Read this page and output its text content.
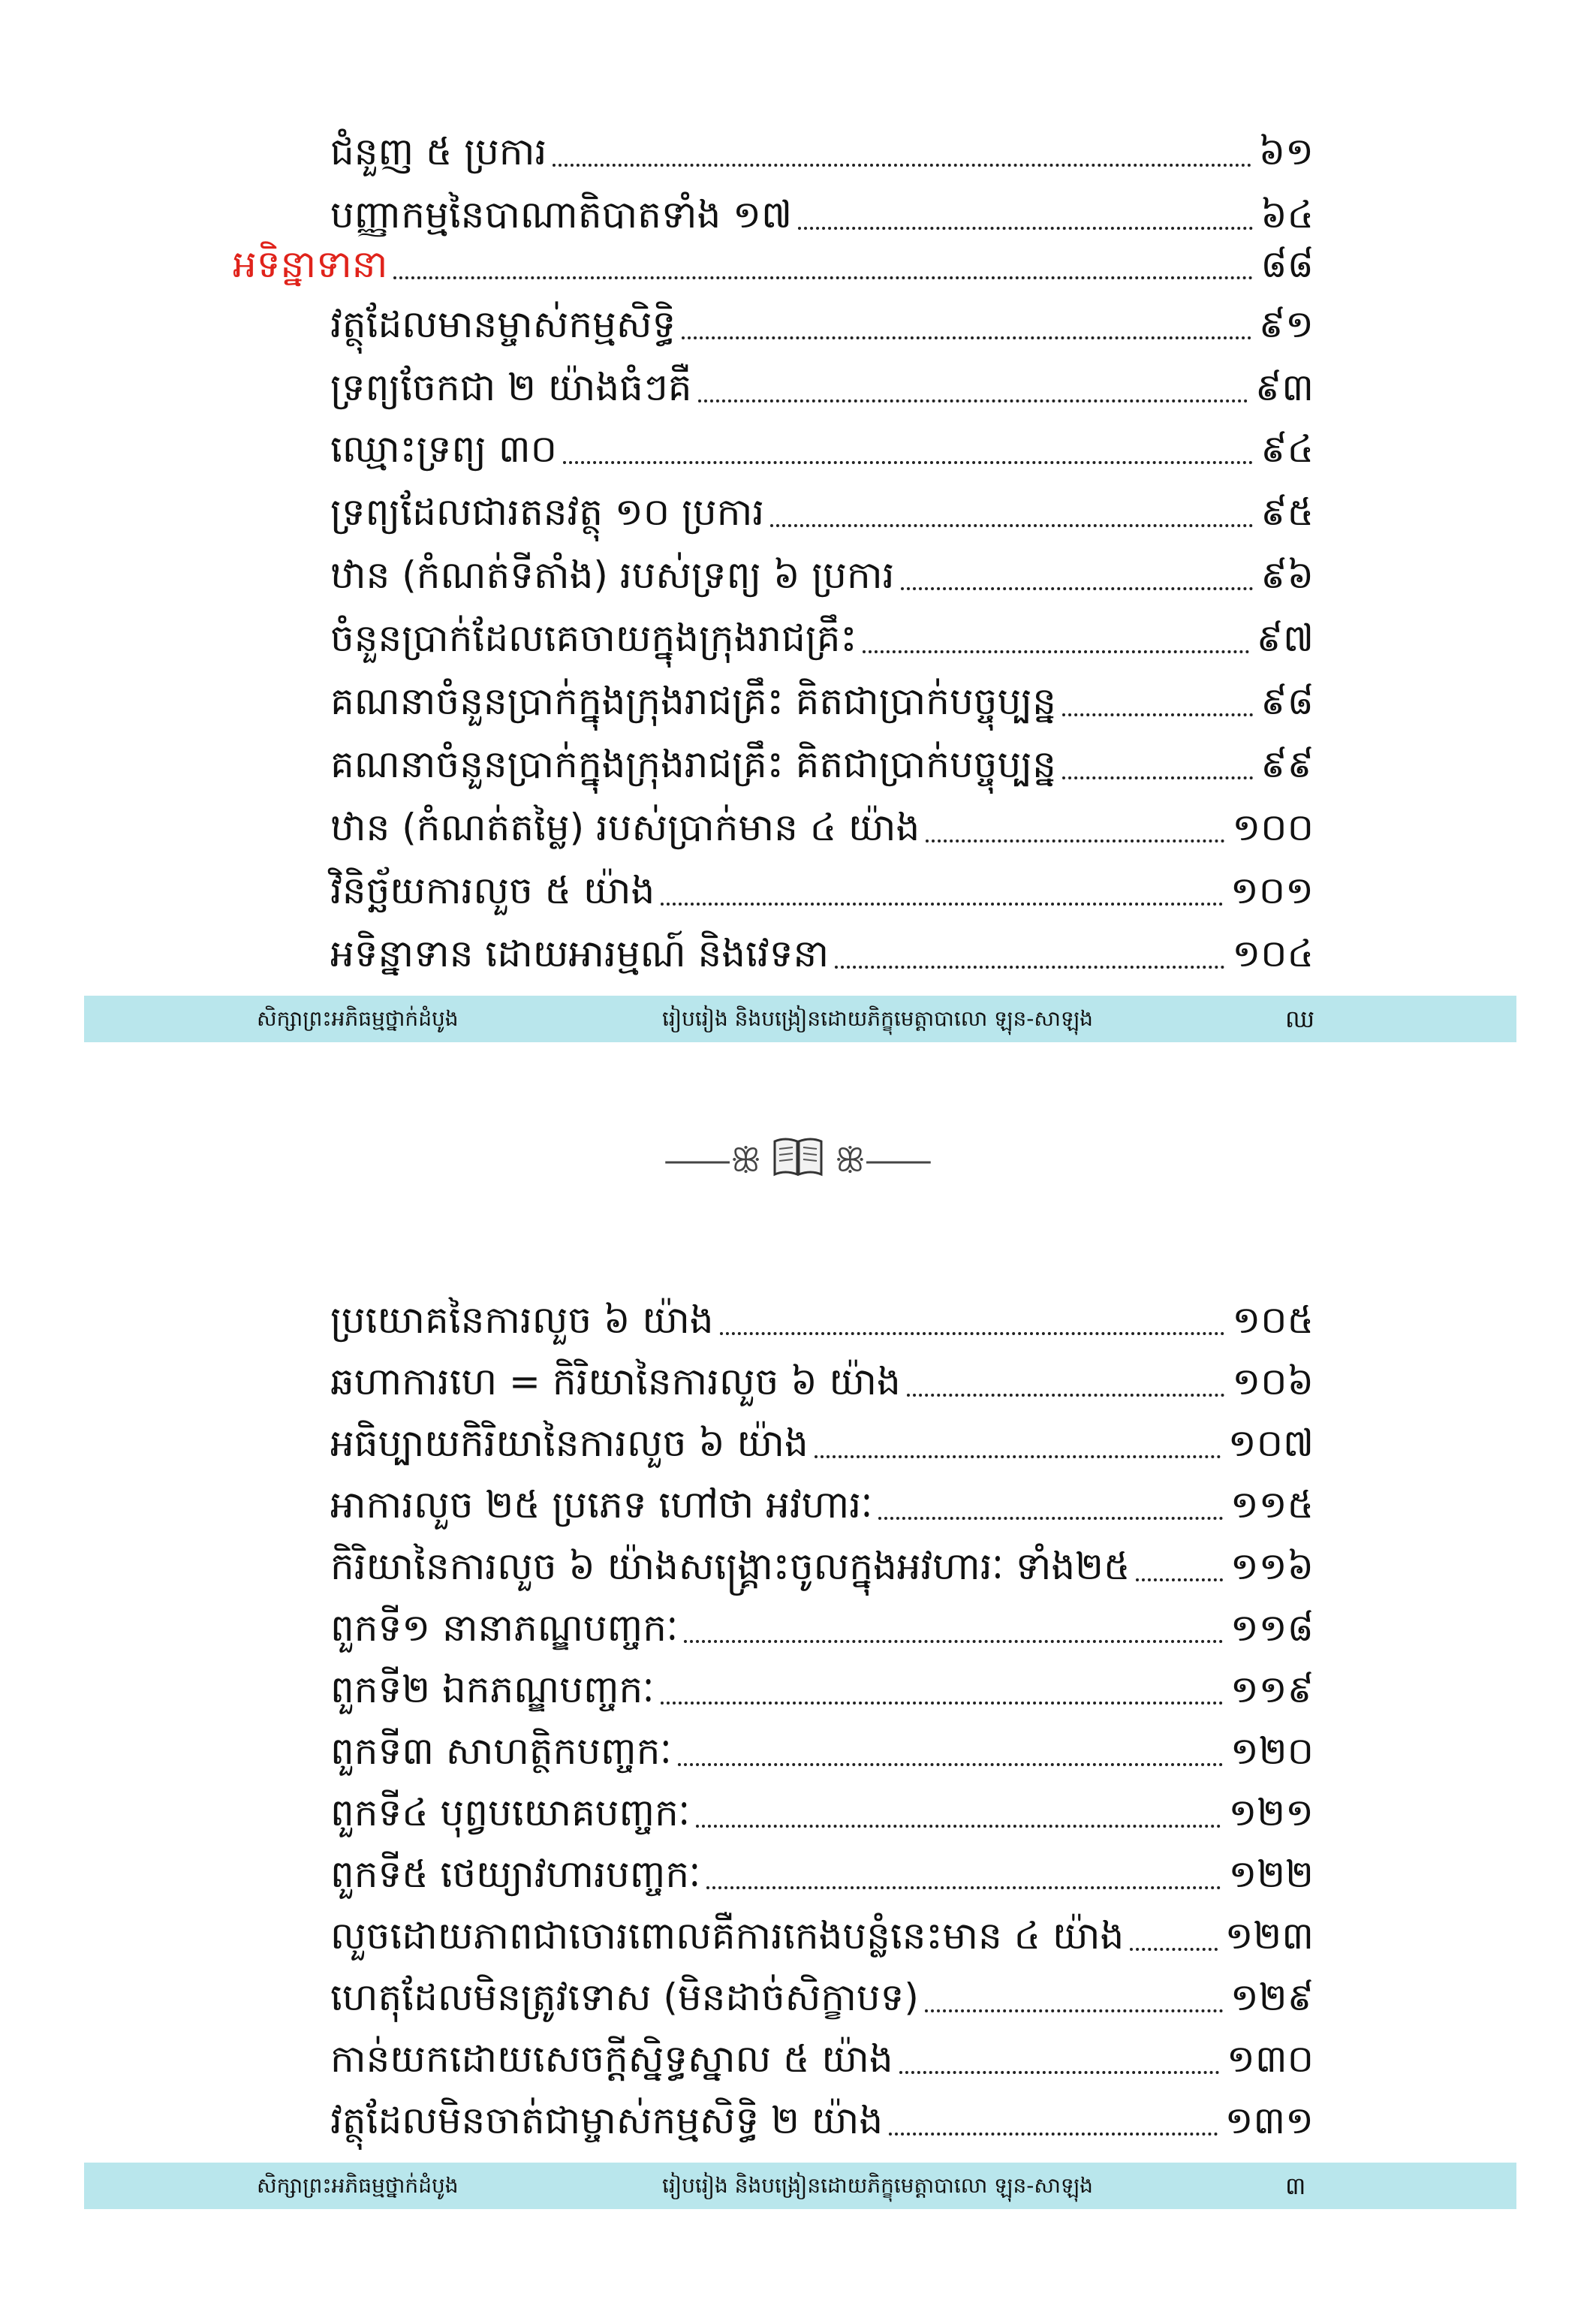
ជំនួញ ៥ ប្រការ	៦១
បញ្ញាកម្មនៃបាណាតិបាតទាំង ១៧	៦៤
អទិន្នាទានា	៨៨
វត្ថុដែលមានម្ចាស់កម្មសិទ្ធិ	៩១
ទ្រព្យចែកជា ២ យ៉ាងធំៗគឺ	៩៣
ឈ្មោះទ្រព្យ ៣០	៩៤
ទ្រព្យដែលជារតនវត្ថុ ១០ ប្រការ	៩៥
ឋាន (កំណត់ទីតាំង) របស់ទ្រព្យ ៦ ប្រការ	៩៦
ចំនួនប្រាក់ដែលគេចាយក្នុងក្រុងរាជគ្រឹះ	៩៧
គណនាចំនួនប្រាក់ក្នុងក្រុងរាជគ្រឹះ គិតជាប្រាក់បច្ចុប្បន្ន	៩៨
គណនាចំនួនប្រាក់ក្នុងក្រុងរាជគ្រឹះ គិតជាប្រាក់បច្ចុប្បន្ន	៩៩
ឋាន (កំណត់តម្លៃ) របស់ប្រាក់មាន ៤ យ៉ាង	១០០
វិនិច្ឆ័យការលួច ៥ យ៉ាង	១០១
អទិន្នាទាន ដោយអារម្មណ៍ និងវេទនា	១០៤
សិក្សាព្រះអភិធម្មថ្នាក់ដំបូង	រៀបរៀង និងបង្រៀនដោយភិក្ខុមេត្តាបាលោ ឡុន-សាឡុង	ឈ
⸺ꕥ ꕥ⸺
ប្រយោគនៃការលួច ៦ យ៉ាង	១០៥
ឆហាការហេ = កិរិយានៃការលួច ៦ យ៉ាង	១០៦
អធិប្បាយកិរិយានៃការលួច ៦ យ៉ាង	១០៧
អាការលួច ២៥ ប្រភេទ ហៅថា អវហារៈ	១១៥
កិរិយានៃការលួច ៦ យ៉ាងសង្គ្រោះចូលក្នុងអវហារៈ ទាំង២៥	១១៦
ពួកទី១ នានាភណ្ឌបញ្ចកៈ	១១៨
ពួកទី២ ឯកភណ្ឌបញ្ចកៈ	១១៩
ពួកទី៣ សាហត្ថិកបញ្ចកៈ	១២០
ពួកទី៤ បុព្វបយោគបញ្ចកៈ	១២១
ពួកទី៥ ថេយ្យាវហារបញ្ចកៈ	១២២
លួចដោយភាពជាចោរពោលគឺការកេងបន្លំនេះមាន ៤ យ៉ាង	១២៣
ហេតុដែលមិនត្រូវទោស (មិនដាច់សិក្ខាបទ)	១២៩
កាន់យកដោយសេចក្តីស្និទ្ធស្នាល ៥ យ៉ាង	១៣០
វត្ថុដែលមិនចាត់ជាម្ចាស់កម្មសិទ្ធិ ២ យ៉ាង	១៣១
សិក្សាព្រះអភិធម្មថ្នាក់ដំបូង	រៀបរៀង និងបង្រៀនដោយភិក្ខុមេត្តាបាលោ ឡុន-សាឡុង	៣
